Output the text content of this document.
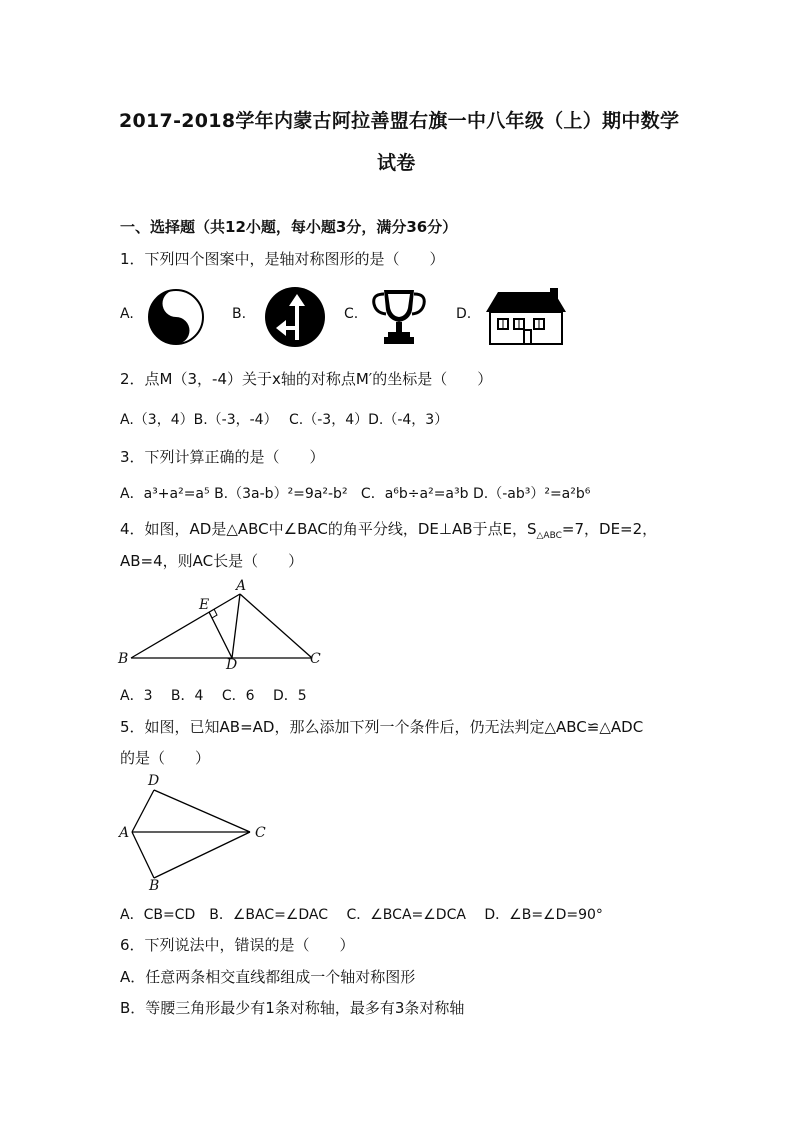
2017-2018学年内蒙古阿拉善盟右旗一中八年级（上）期中数学
试卷
一、选择题（共12小题，每小题3分，满分36分）
1．下列四个图案中，是轴对称图形的是（　　）
A.	B.	C.	D.
2．点M（3，-4）关于x轴的对称点M′的坐标是（　　）
A.（3，4）B.（-3，-4）　 C.（-3，4）D.（-4，3）
3．下列计算正确的是（　　）
A．a³+a²=a⁵ B.（3a-b）²=9a²-b² C．a⁶b÷a²=a³b D.（-ab³）²=a²b⁶
4．如图，AD是△ABC中∠BAC的角平分线，DE⊥AB于点E，$S_{\triangle ABC}=7$，DE=2，
AB=4，则AC长是（　　）
A
E
B	D	C
A．3　 B．4　 C．6　 D．5
5．如图，已知AB=AD，那么添加下列一个条件后，仍无法判定△ABC≌△ADC
的是（　　）
D
A	C
B
A．CB=CD　B．∠BAC=∠DAC　 C．∠BCA=∠DCA　 D．∠B=∠D=90°
6．下列说法中，错误的是（　　）
A．任意两条相交直线都组成一个轴对称图形
B．等腰三角形最少有1条对称轴，最多有3条对称轴
